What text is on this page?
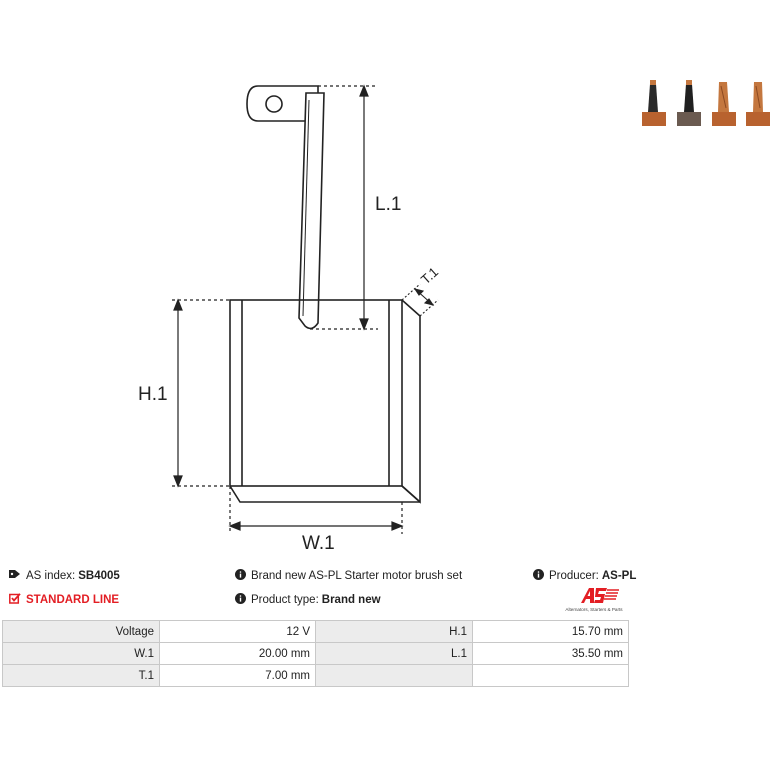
L.1
H.1
W.1
T.1
AS index: SB4005
STANDARD LINE
Brand new AS-PL Starter motor brush set
Product type: Brand new
Producer: AS-PL
Alternators, Starters & Parts
Voltage	12 V	H.1	15.70 mm
W.1	20.00 mm	L.1	35.50 mm
T.1	7.00 mm		
